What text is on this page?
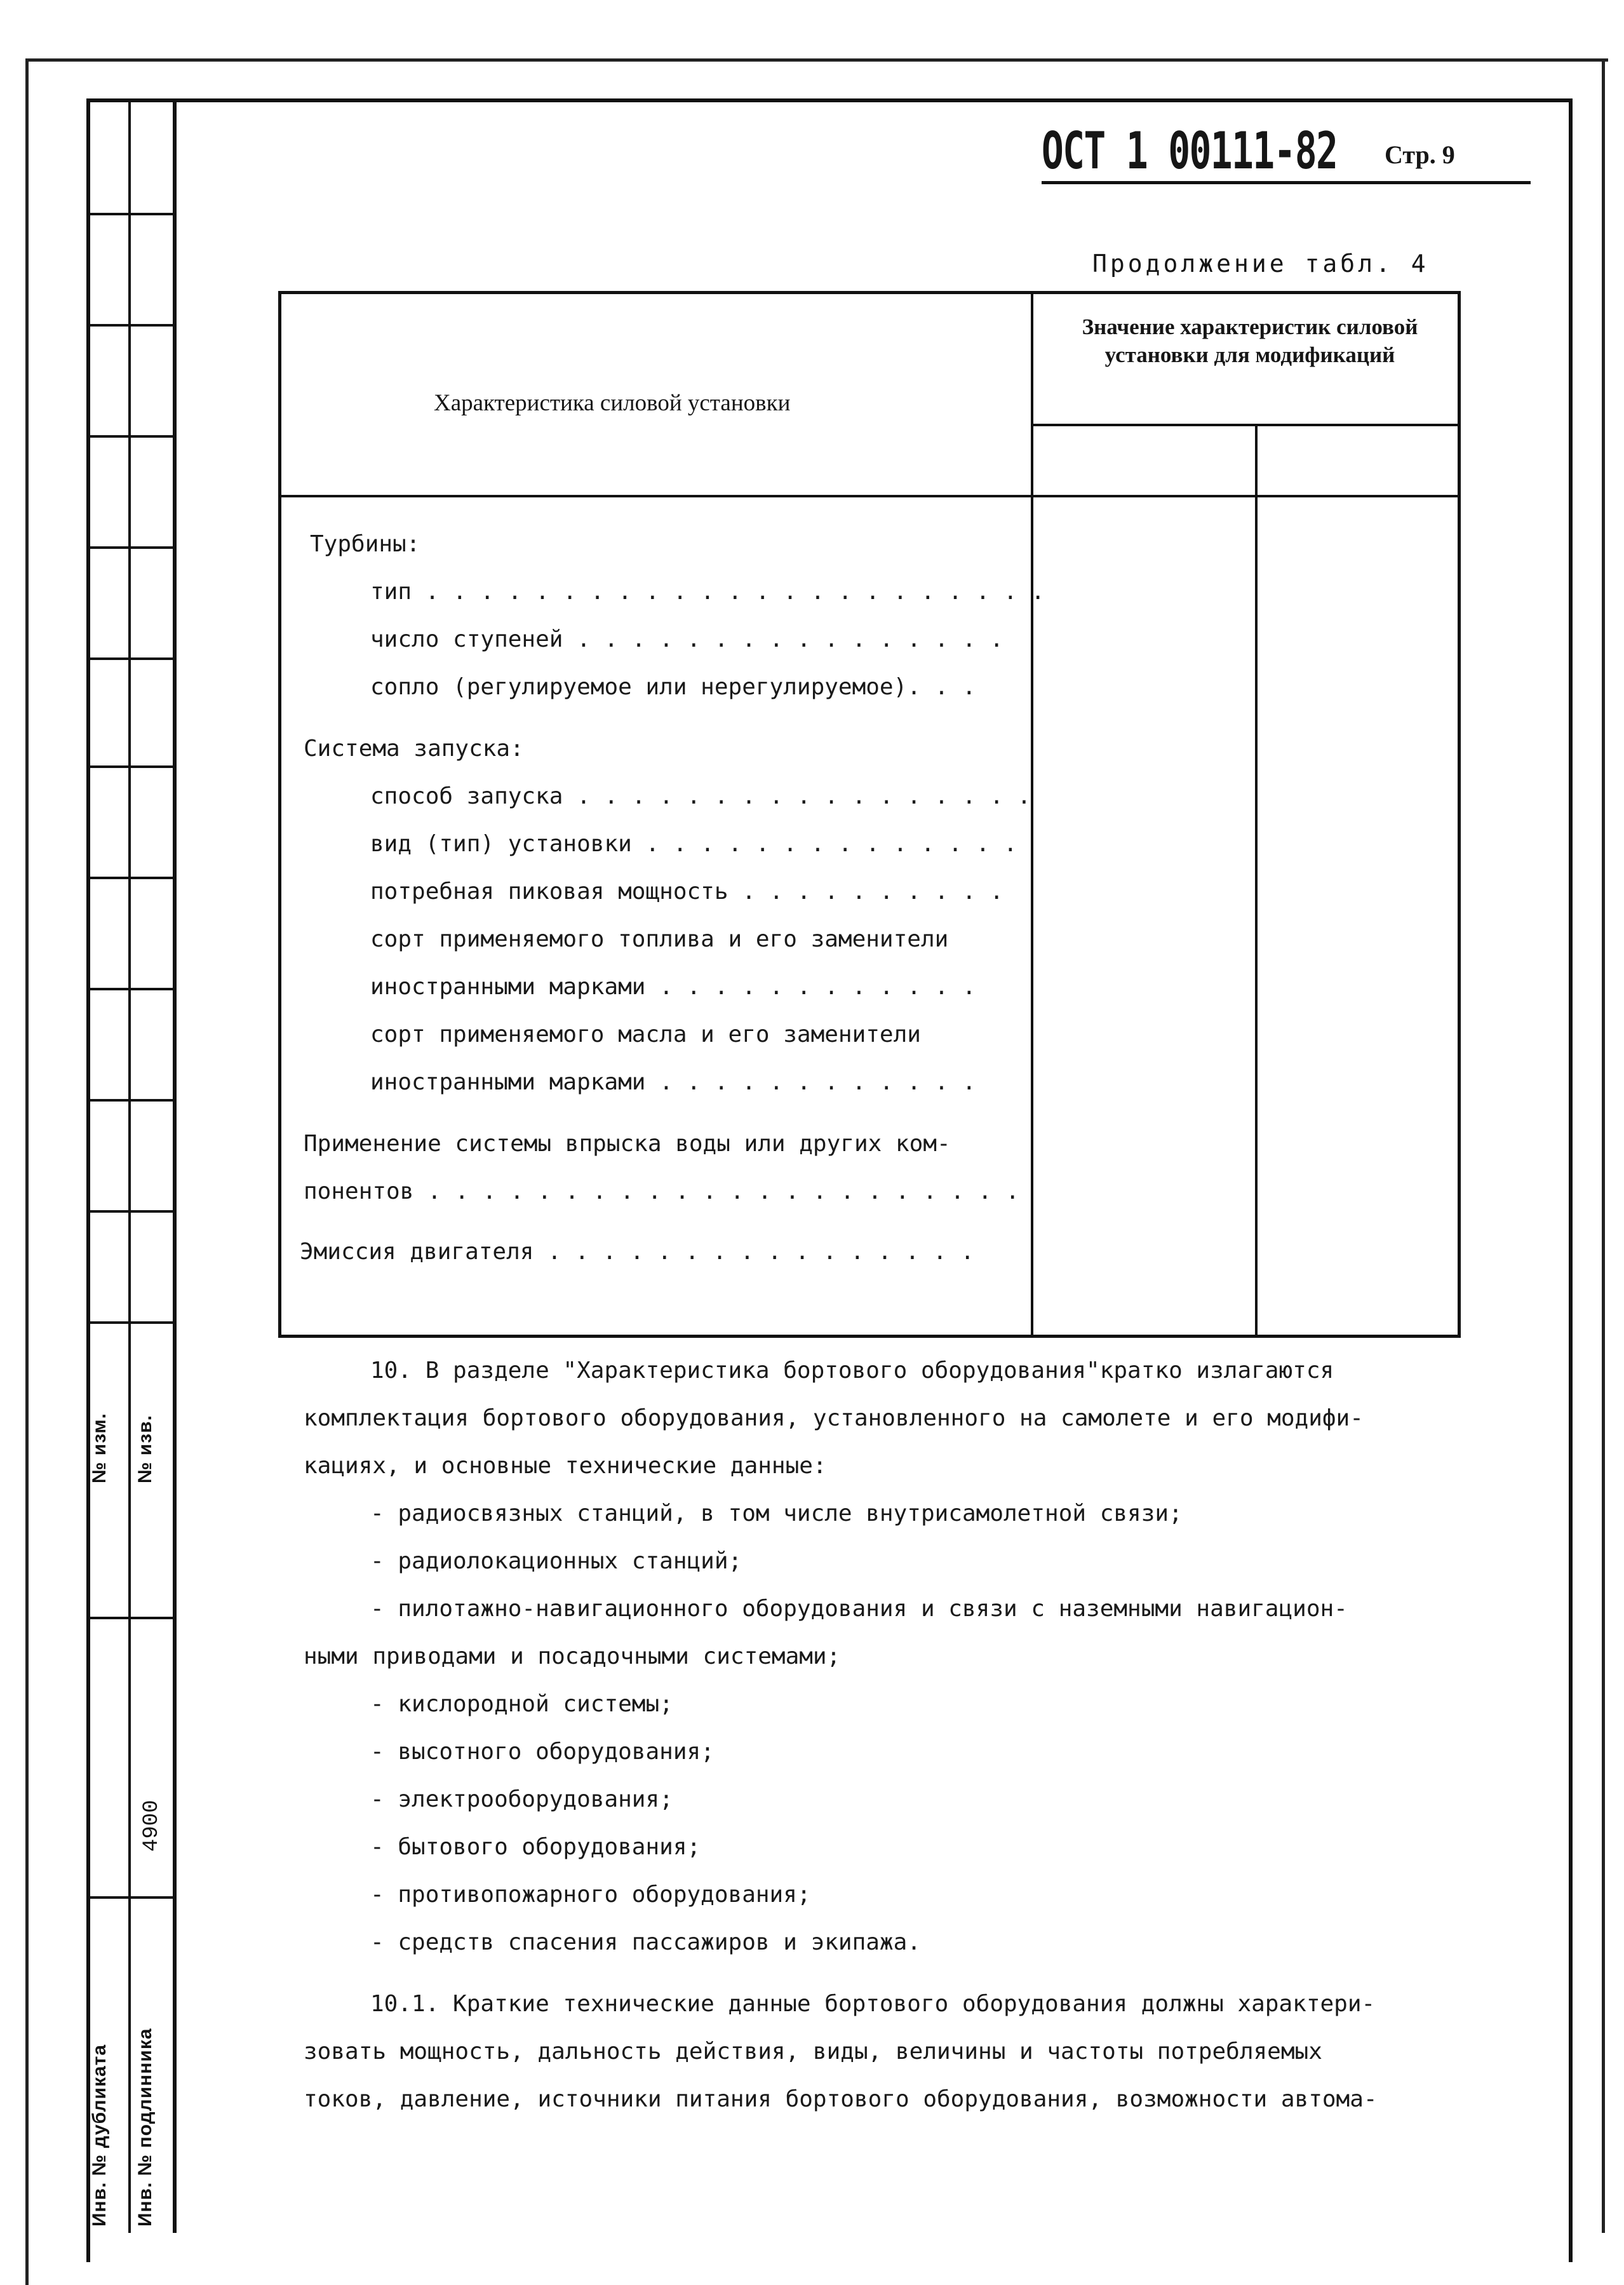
№ изм. № изв.
4900
Инв. № дубликата Инв. № подлинника
ОСТ 1 00111-82 Стр. 9
Продолжение табл. 4
Характеристика силовой установки
Значение характеристик силовой установки для модификаций
Турбины:
тип . . . . . . . . . . . . . . . . . . . . . . .
число ступеней . . . . . . . . . . . . . . . .
сопло (регулируемое или нерегулируемое). . .
Система запуска:
способ запуска . . . . . . . . . . . . . . . . .
вид (тип) установки . . . . . . . . . . . . . .
потребная пиковая мощность . . . . . . . . . .
сорт применяемого топлива и его заменители
иностранными марками . . . . . . . . . . . .
сорт применяемого масла и его заменители
иностранными марками . . . . . . . . . . . .
Применение системы впрыска воды или других ком-
понентов . . . . . . . . . . . . . . . . . . . . . .
Эмиссия двигателя . . . . . . . . . . . . . . . .
10. В разделе "Характеристика бортового оборудования"кратко излагаются
комплектация бортового оборудования, установленного на самолете и его модифи-
кациях, и основные технические данные:
- радиосвязных станций, в том числе внутрисамолетной связи;
- радиолокационных станций;
- пилотажно-навигационного оборудования и связи с наземными навигацион-
ными приводами и посадочными системами;
- кислородной системы;
- высотного оборудования;
- электрооборудования;
- бытового оборудования;
- противопожарного оборудования;
- средств спасения пассажиров и экипажа.
10.1. Краткие технические данные бортового оборудования должны характери-
зовать мощность, дальность действия, виды, величины и частоты потребляемых
токов, давление, источники питания бортового оборудования, возможности автома-
